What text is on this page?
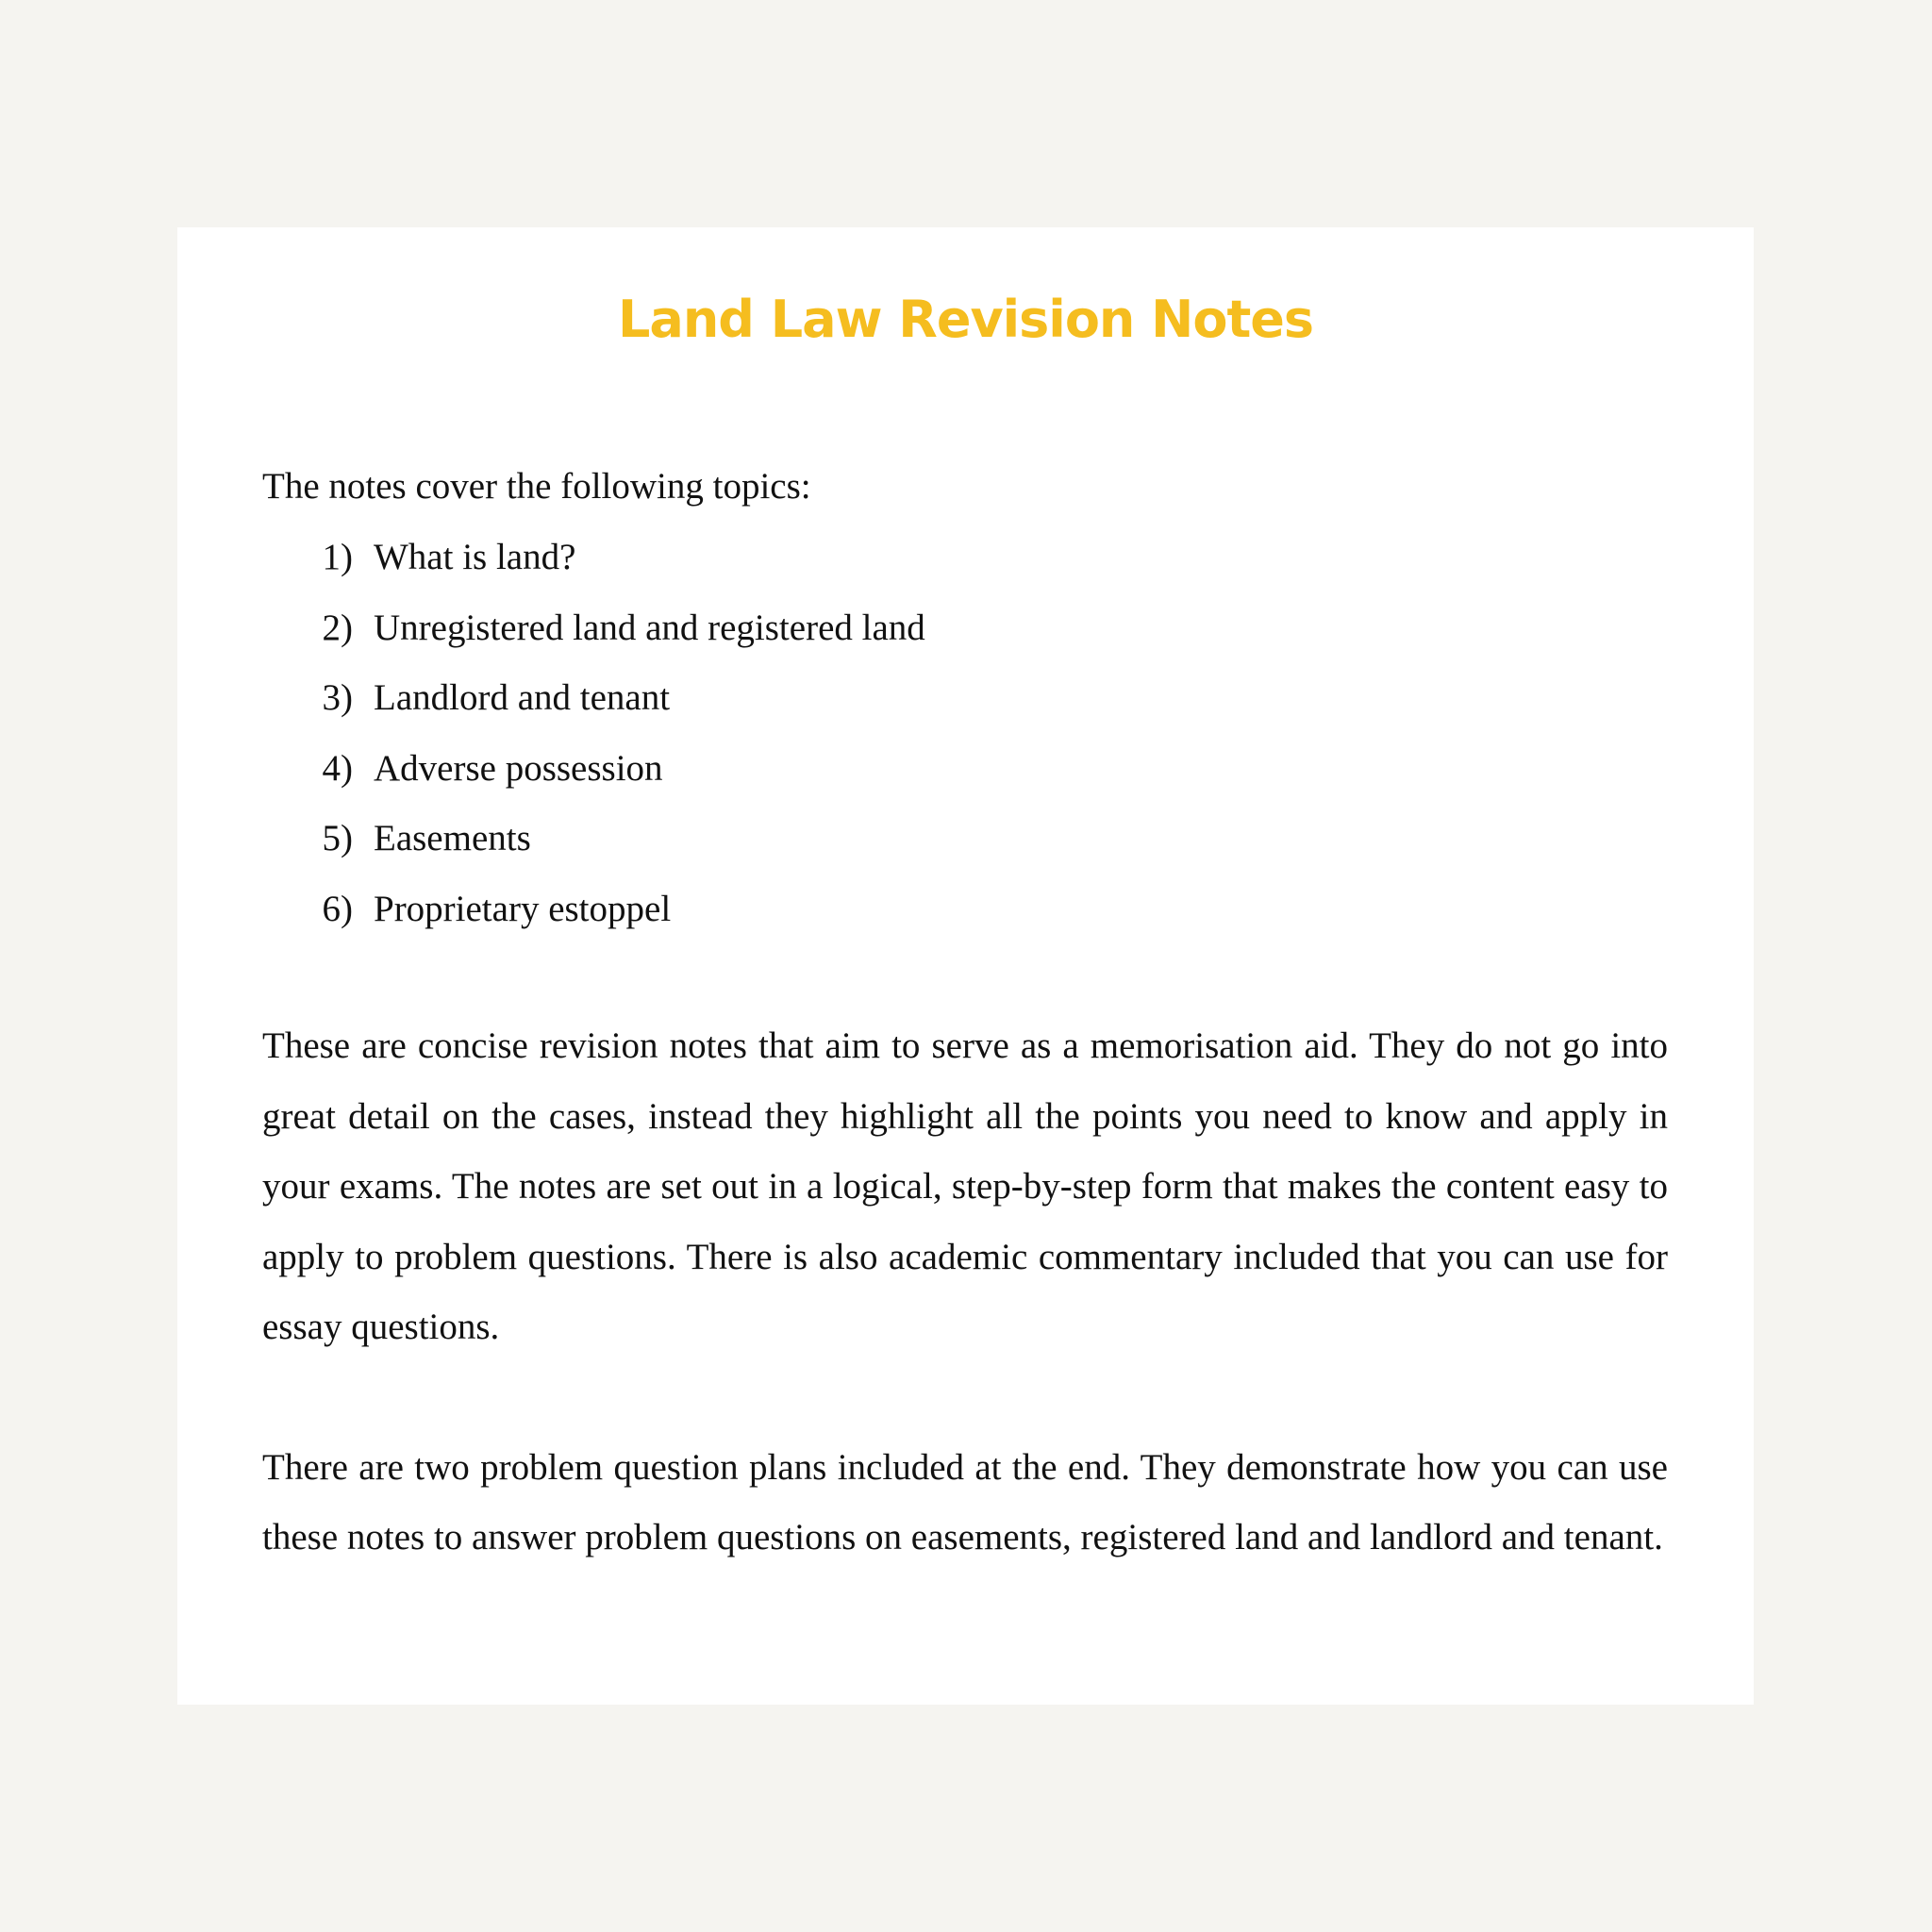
Land Law Revision Notes

The notes cover the following topics:

1) What is land?
2) Unregistered land and registered land
3) Landlord and tenant
4) Adverse possession
5) Easements
6) Proprietary estoppel

These are concise revision notes that aim to serve as a memorisation aid. They do not go into great detail on the cases, instead they highlight all the points you need to know and apply in your exams. The notes are set out in a logical, step-by-step form that makes the content easy to apply to problem questions. There is also academic commentary included that you can use for essay questions.

There are two problem question plans included at the end. They demonstrate how you can use these notes to answer problem questions on easements, registered land and landlord and tenant.
